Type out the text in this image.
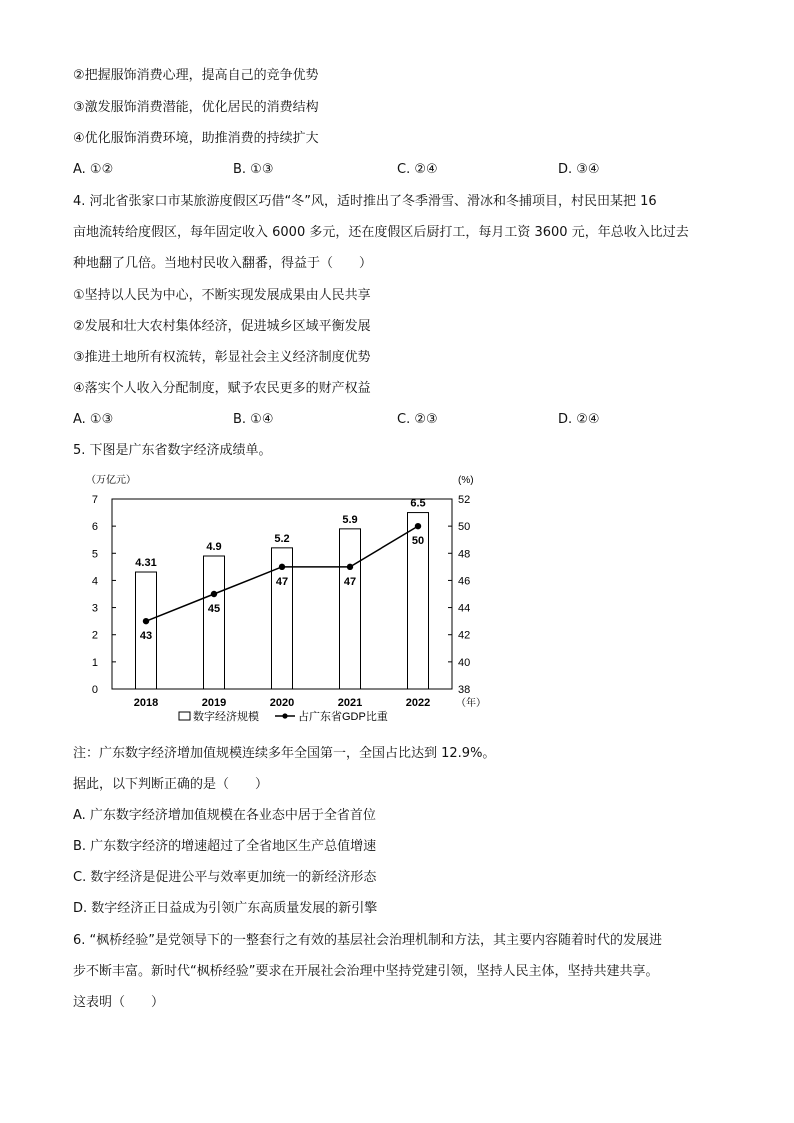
②把握服饰消费心理，提高自己的竞争优势
③激发服饰消费潜能，优化居民的消费结构
④优化服饰消费环境，助推消费的持续扩大
A. ①②	B. ①③	C. ②④	D. ③④
4. 河北省张家口市某旅游度假区巧借“冬”风，适时推出了冬季滑雪、滑冰和冬捕项目，村民田某把 16
亩地流转给度假区，每年固定收入 6000 多元，还在度假区后厨打工，每月工资 3600 元，年总收入比过去
种地翻了几倍。当地村民收入翻番，得益于（　　）
①坚持以人民为中心，不断实现发展成果由人民共享
②发展和壮大农村集体经济，促进城乡区域平衡发展
③推进土地所有权流转，彰显社会主义经济制度优势
④落实个人收入分配制度，赋予农民更多的财产权益
A. ①③	B. ①④	C. ②③	D. ②④
5. 下图是广东省数字经济成绩单。
（万亿元）	(%)
（年）
0
1
2
3
4
5
6
7
38
40
42
44
46
48
50
52
2018	2019	2020	2021	2022
4.31
4.9
5.2
5.9
6.5
43
45
47	47
50
数字经济规模	占广东省GDP比重
注：广东数字经济增加值规模连续多年全国第一，全国占比达到 12.9%。
据此，以下判断正确的是（　　）
A. 广东数字经济增加值规模在各业态中居于全省首位
B. 广东数字经济的增速超过了全省地区生产总值增速
C. 数字经济是促进公平与效率更加统一的新经济形态
D. 数字经济正日益成为引领广东高质量发展的新引擎
6. “枫桥经验”是党领导下的一整套行之有效的基层社会治理机制和方法，其主要内容随着时代的发展进
步不断丰富。新时代“枫桥经验”要求在开展社会治理中坚持党建引领，坚持人民主体，坚持共建共享。
这表明（　　）
